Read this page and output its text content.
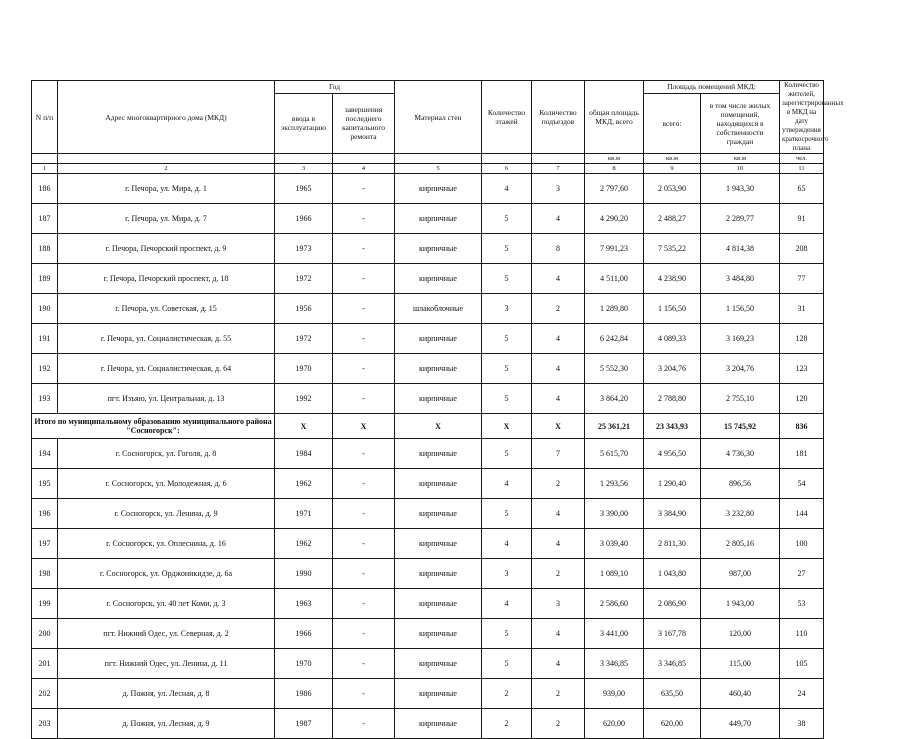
N п/п	Адрес многоквартирного дома (МКД)	Год		Материал стен	Количество этажей	Количество подъездов	общая площадь МКД, всего	Площадь помещений МКД:		Количество жителей, зарегистрированных в МКД на дату утверждения краткосрочного плана
		ввода в эксплуатацию	завершения последнего капитального ремонта					всего:	в том числе жилых помещений, находящихся в собственности граждан	
							кв.м	кв.м	кв.м	чел.
1	2	3	4	5	6	7	8	9	10	11
186	г. Печора, ул. Мира, д. 1	1965	-	кирпичные	4	3	2 797,60	2 053,90	1 943,30	65
187	г. Печора, ул. Мира, д. 7	1966	-	кирпичные	5	4	4 290,20	2 488,27	2 289,77	91
188	г. Печора, Печорский проспект, д. 9	1973	-	кирпичные	5	8	7 991,23	7 535,22	4 814,38	208
189	г. Печора, Печорский проспект, д. 18	1972	-	кирпичные	5	4	4 511,00	4 238,90	3 484,80	77
190	г. Печора, ул. Советская, д. 15	1956	-	шлакоблочные	3	2	1 289,80	1 156,50	1 156,50	31
191	г. Печора, ул. Социалистическая, д. 55	1972	-	кирпичные	5	4	6 242,84	4 089,33	3 169,23	128
192	г. Печора, ул. Социалистическая, д. 64	1970	-	кирпичные	5	4	5 552,30	3 204,76	3 204,76	123
193	пгт. Изъяю, ул. Центральная, д. 13	1992	-	кирпичные	5	4	3 864,20	2 788,80	2 755,10	120
Итого по муниципальному образованию муниципального района "Сосногорск":		X	X	X	X	X	25 361,21	23 343,93	15 745,92	836
194	г. Сосногорск, ул. Гоголя, д. 8	1984	-	кирпичные	5	7	5 615,70	4 956,50	4 736,30	181
195	г. Сосногорск, ул. Молодежная, д. 6	1962	-	кирпичные	4	2	1 293,56	1 290,40	896,56	54
196	г. Сосногорск, ул. Ленина, д. 9	1971	-	кирпичные	5	4	3 390,00	3 384,90	3 232,80	144
197	г. Сосногорск, ул. Оплеснина, д. 16	1962	-	кирпичные	4	4	3 039,40	2 811,30	2 805,16	100
198	г. Сосногорск, ул. Орджоникидзе, д. 6а	1990	-	кирпичные	3	2	1 089,10	1 043,80	987,00	27
199	г. Сосногорск, ул. 40 лет Коми, д. 3	1963	-	кирпичные	4	3	2 586,60	2 086,90	1 943,00	53
200	пгт. Нижний Одес, ул. Северная, д. 2	1966	-	кирпичные	5	4	3 441,00	3 167,78	120,00	110
201	пгт. Нижний Одес, ул. Ленина, д. 11	1970	-	кирпичные	5	4	3 346,85	3 346,85	115,00	105
202	д. Пожня, ул. Лесная, д. 8	1986	-	кирпичные	2	2	939,00	635,50	460,40	24
203	д. Пожня, ул. Лесная, д. 9	1987	-	кирпичные	2	2	620,00	620,00	449,70	38
